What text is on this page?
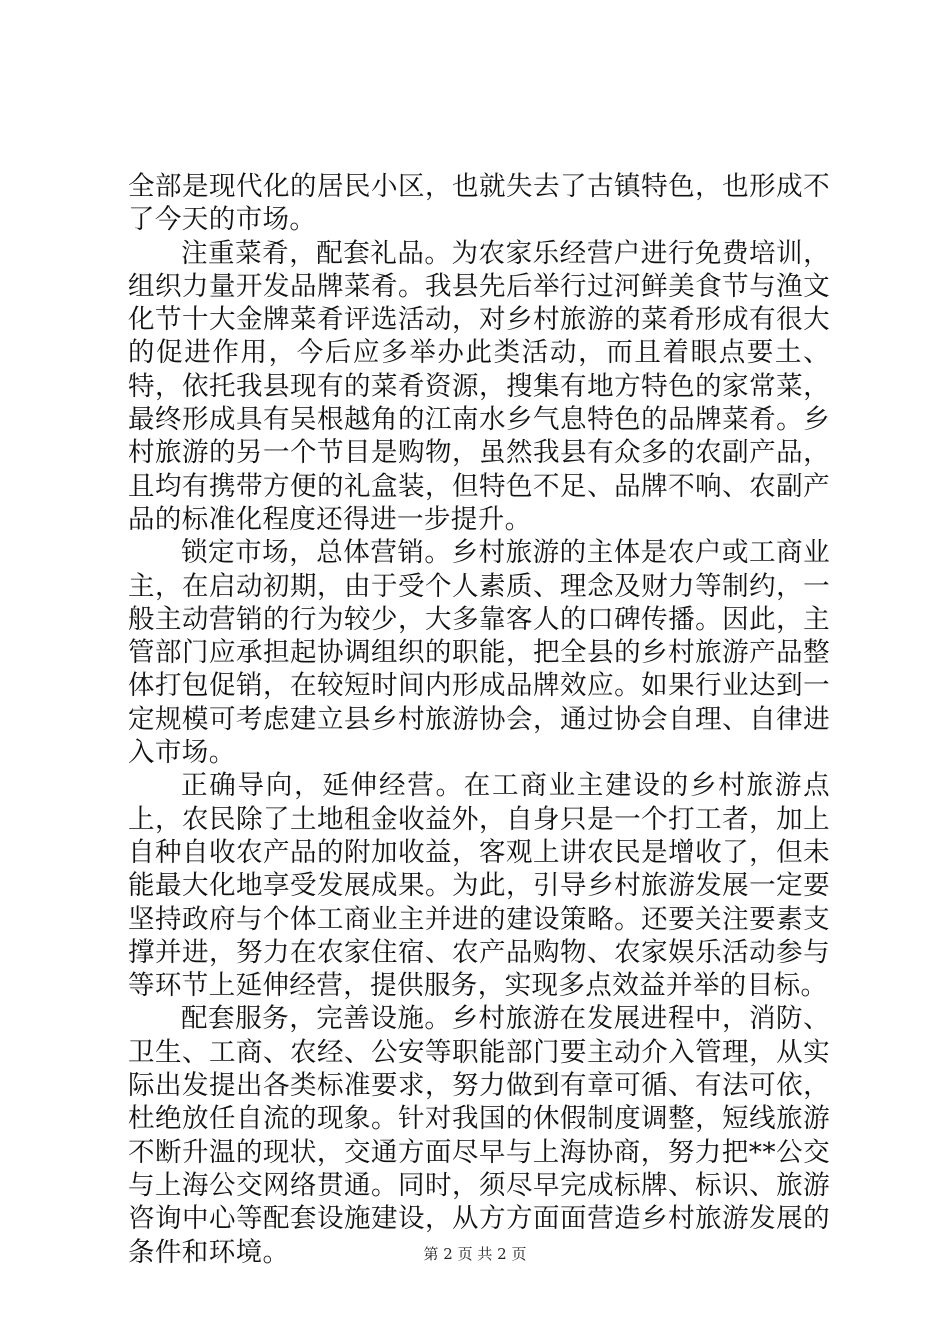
全部是现代化的居民小区，也就失去了古镇特色，也形成不了今天的市场。

注重菜肴，配套礼品。为农家乐经营户进行免费培训，组织力量开发品牌菜肴。我县先后举行过河鲜美食节与渔文化节十大金牌菜肴评选活动，对乡村旅游的菜肴形成有很大的促进作用，今后应多举办此类活动，而且着眼点要土、特，依托我县现有的菜肴资源，搜集有地方特色的家常菜，最终形成具有吴根越角的江南水乡气息特色的品牌菜肴。乡村旅游的另一个节目是购物，虽然我县有众多的农副产品，且均有携带方便的礼盒装，但特色不足、品牌不响、农副产品的标准化程度还得进一步提升。

锁定市场，总体营销。乡村旅游的主体是农户或工商业主，在启动初期，由于受个人素质、理念及财力等制约，一般主动营销的行为较少，大多靠客人的口碑传播。因此，主管部门应承担起协调组织的职能，把全县的乡村旅游产品整体打包促销，在较短时间内形成品牌效应。如果行业达到一定规模可考虑建立县乡村旅游协会，通过协会自理、自律进入市场。

正确导向，延伸经营。在工商业主建设的乡村旅游点上，农民除了土地租金收益外，自身只是一个打工者，加上自种自收农产品的附加收益，客观上讲农民是增收了，但未能最大化地享受发展成果。为此，引导乡村旅游发展一定要坚持政府与个体工商业主并进的建设策略。还要关注要素支撑并进，努力在农家住宿、农产品购物、农家娱乐活动参与等环节上延伸经营，提供服务，实现多点效益并举的目标。

配套服务，完善设施。乡村旅游在发展进程中，消防、卫生、工商、农经、公安等职能部门要主动介入管理，从实际出发提出各类标准要求，努力做到有章可循、有法可依，杜绝放任自流的现象。针对我国的休假制度调整，短线旅游不断升温的现状，交通方面尽早与上海协商，努力把**公交与上海公交网络贯通。同时，须尽早完成标牌、标识、旅游咨询中心等配套设施建设，从方方面面营造乡村旅游发展的条件和环境。	第 2 页 共 2 页
